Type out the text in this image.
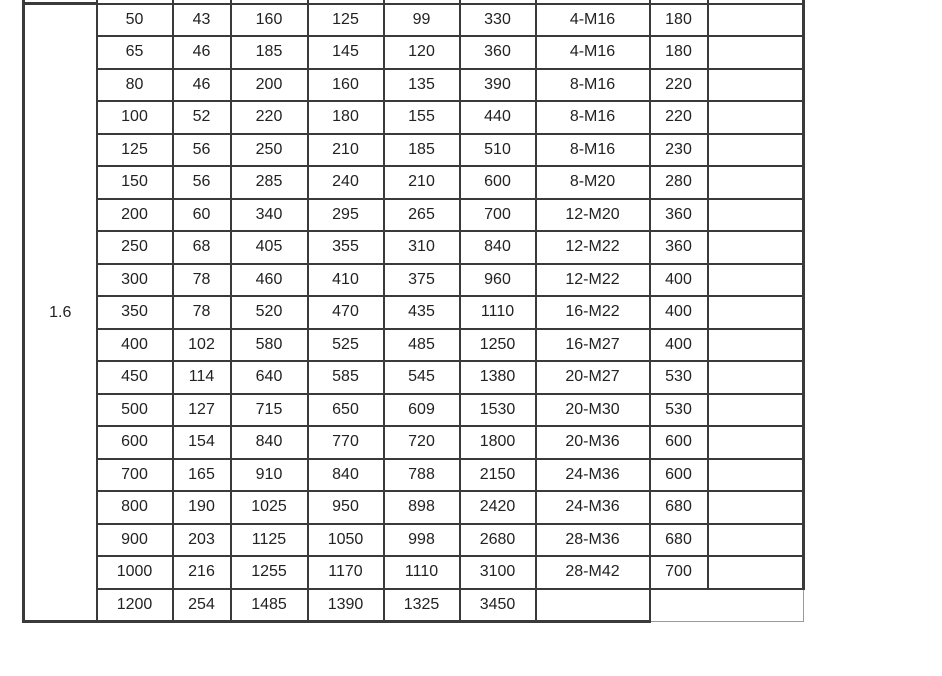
1.6	50	43	160	125	99	330	4-M16	180	
	65	46	185	145	120	360	4-M16	180	
	80	46	200	160	135	390	8-M16	220	
	100	52	220	180	155	440	8-M16	220	
	125	56	250	210	185	510	8-M16	230	
	150	56	285	240	210	600	8-M20	280	
	200	60	340	295	265	700	12-M20	360	
	250	68	405	355	310	840	12-M22	360	
	300	78	460	410	375	960	12-M22	400	
	350	78	520	470	435	1110	16-M22	400	
	400	102	580	525	485	1250	16-M27	400	
	450	114	640	585	545	1380	20-M27	530	
	500	127	715	650	609	1530	20-M30	530	
	600	154	840	770	720	1800	20-M36	600	
	700	165	910	840	788	2150	24-M36	600	
	800	190	1025	950	898	2420	24-M36	680	
	900	203	1125	1050	998	2680	28-M36	680	
	1000	216	1255	1170	1110	3100	28-M42	700	
	1200	254	1485	1390	1325	3450			
